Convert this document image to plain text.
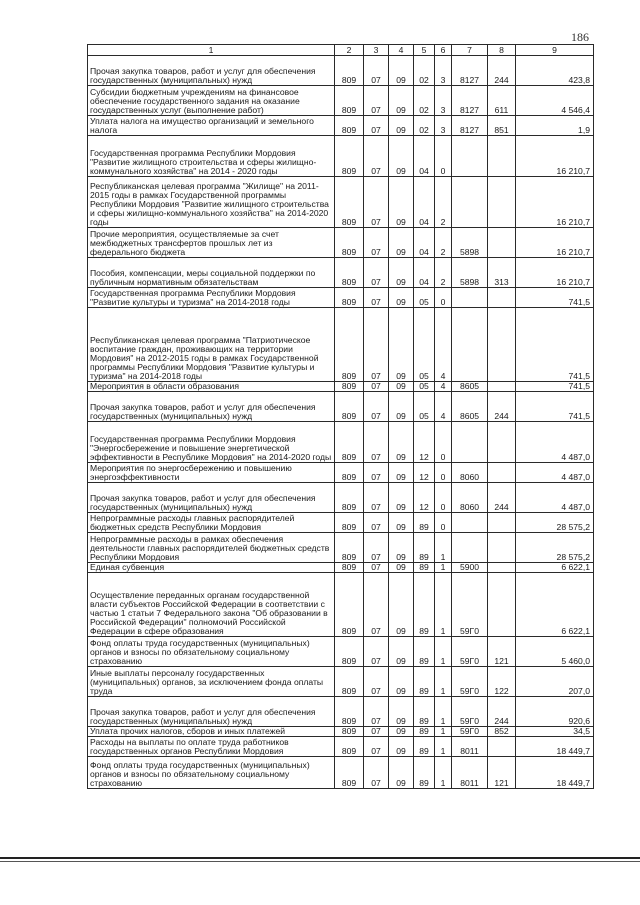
186
1	2	3	4	5	6	7	8	9
Прочая закупка товаров, работ и услуг для обеспечения государственных (муниципальных) нужд	809	07	09	02	3	8127	244	423,8
Субсидии бюджетным учреждениям на финансовое обеспечение государственного задания на оказание государственных услуг (выполнение работ)	809	07	09	02	3	8127	611	4 546,4
Уплата налога на имущество организаций и земельного налога	809	07	09	02	3	8127	851	1,9
Государственная программа Республики Мордовия "Развитие жилищного строительства и сферы жилищно-коммунального хозяйства" на 2014 - 2020 годы	809	07	09	04	0			16 210,7
Республиканская целевая программа "Жилище" на 2011-2015 годы в рамках Государственной программы Республики Мордовия "Развитие жилищного строительства и сферы жилищно-коммунального хозяйства" на 2014-2020 годы	809	07	09	04	2			16 210,7
Прочие мероприятия, осуществляемые за счет межбюджетных трансфертов прошлых лет из федерального бюджета	809	07	09	04	2	5898		16 210,7
Пособия, компенсации, меры социальной поддержки по публичным нормативным обязательствам	809	07	09	04	2	5898	313	16 210,7
Государственная программа Республики Мордовия "Развитие культуры и туризма" на 2014-2018 годы	809	07	09	05	0			741,5
Республиканская целевая программа "Патриотическое воспитание граждан, проживающих на территории Мордовия" на 2012-2015 годы в рамках Государственной программы Республики Мордовия "Развитие культуры и туризма" на 2014-2018 годы	809	07	09	05	4			741,5
Мероприятия в области образования	809	07	09	05	4	8605		741,5
Прочая закупка товаров, работ и услуг для обеспечения государственных (муниципальных) нужд	809	07	09	05	4	8605	244	741,5
Государственная программа Республики Мордовия "Энергосбережение и повышение энергетической эффективности в Республике Мордовия" на 2014-2020 годы	809	07	09	12	0			4 487,0
Мероприятия по энергосбережению и повышению энергоэффективности	809	07	09	12	0	8060		4 487,0
Прочая закупка товаров, работ и услуг для обеспечения государственных (муниципальных) нужд	809	07	09	12	0	8060	244	4 487,0
Непрограммные расходы главных распорядителей бюджетных средств Республики Мордовия	809	07	09	89	0			28 575,2
Непрограммные расходы в рамках обеспечения деятельности главных распорядителей бюджетных средств Республики Мордовия	809	07	09	89	1			28 575,2
Единая субвенция	809	07	09	89	1	5900		6 622,1
Осуществление переданных органам государственной власти субъектов Российской Федерации в соответствии с частью 1 статьи 7 Федерального закона "Об образовании в Российской Федерации" полномочий Российской Федерации в сфере образования	809	07	09	89	1	59Г0		6 622,1
Фонд оплаты труда государственных (муниципальных) органов и взносы по обязательному социальному страхованию	809	07	09	89	1	59Г0	121	5 460,0
Иные выплаты персоналу государственных (муниципальных) органов, за исключением фонда оплаты труда	809	07	09	89	1	59Г0	122	207,0
Прочая закупка товаров, работ и услуг для обеспечения государственных (муниципальных) нужд	809	07	09	89	1	59Г0	244	920,6
Уплата прочих налогов, сборов и иных платежей	809	07	09	89	1	59Г0	852	34,5
Расходы на выплаты по оплате труда работников государственных органов Республики Мордовия	809	07	09	89	1	8011		18 449,7
Фонд оплаты труда государственных (муниципальных) органов и взносы по обязательному социальному страхованию	809	07	09	89	1	8011	121	18 449,7
